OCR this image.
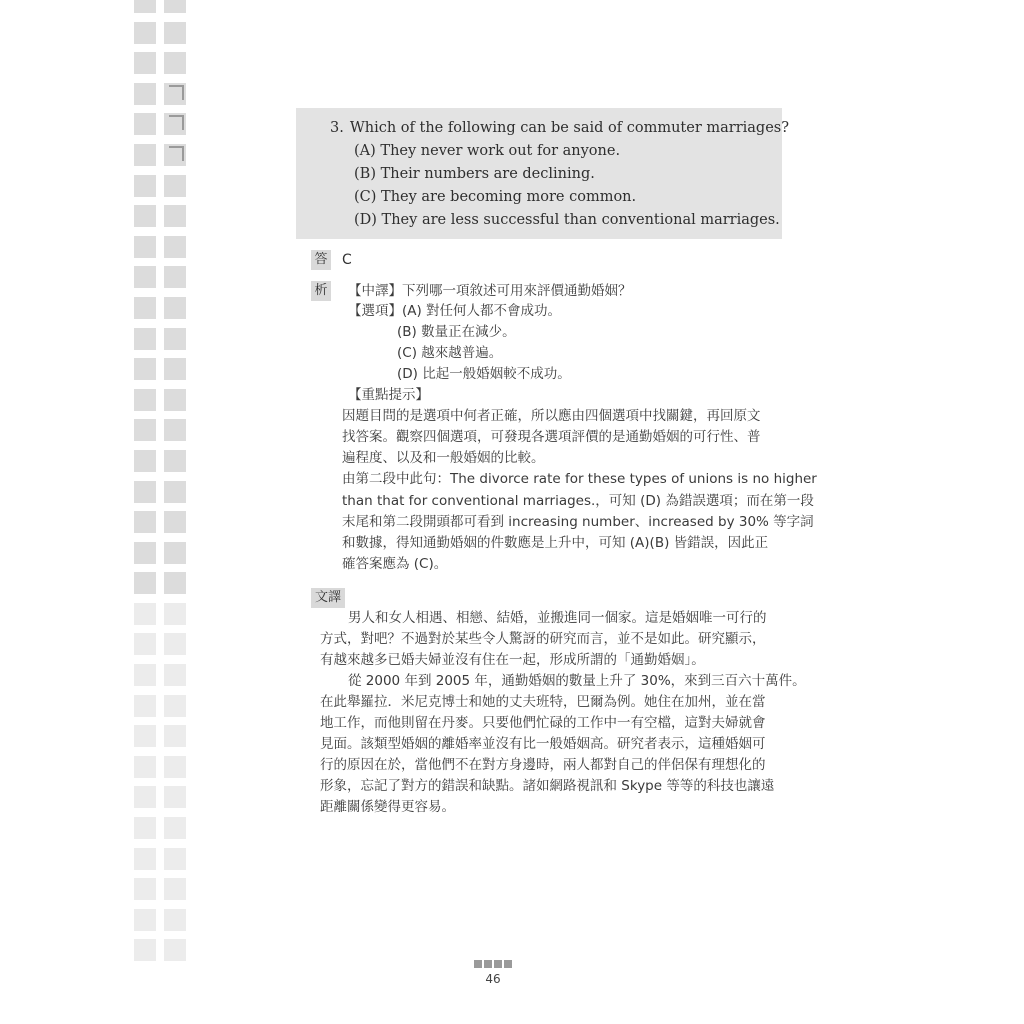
3. Which of the following can be said of commuter marriages?
(A) They never work out for anyone.
(B) Their numbers are declining.
(C) They are becoming more common.
(D) They are less successful than conventional marriages.
答 C
析 【中譯】下列哪一項敘述可用來評價通勤婚姻？
【選項】(A) 對任何人都不會成功。
(B) 數量正在減少。
(C) 越來越普遍。
(D) 比起一般婚姻較不成功。
【重點提示】
因題目問的是選項中何者正確，所以應由四個選項中找關鍵，再回原文
找答案。觀察四個選項，可發現各選項評價的是通勤婚姻的可行性、普
遍程度、以及和一般婚姻的比較。
由第二段中此句：The divorce rate for these types of unions is no higher
than that for conventional marriages.，可知 (D) 為錯誤選項；而在第一段
末尾和第二段開頭都可看到 increasing number、increased by 30% 等字詞
和數據，得知通勤婚姻的件數應是上升中，可知 (A)(B) 皆錯誤，因此正
確答案應為 (C)。
文譯
男人和女人相遇、相戀、結婚，並搬進同一個家。這是婚姻唯一可行的
方式，對吧？不過對於某些令人驚訝的研究而言，並不是如此。研究顯示，
有越來越多已婚夫婦並沒有住在一起，形成所謂的「通勤婚姻」。
從 2000 年到 2005 年，通勤婚姻的數量上升了 30%，來到三百六十萬件。
在此舉羅拉．米尼克博士和她的丈夫班特，巴爾為例。她住在加州，並在當
地工作，而他則留在丹麥。只要他們忙碌的工作中一有空檔，這對夫婦就會
見面。該類型婚姻的離婚率並沒有比一般婚姻高。研究者表示，這種婚姻可
行的原因在於，當他們不在對方身邊時，兩人都對自己的伴侶保有理想化的
形象，忘記了對方的錯誤和缺點。諸如網路視訊和 Skype 等等的科技也讓遠
距離關係變得更容易。
46
